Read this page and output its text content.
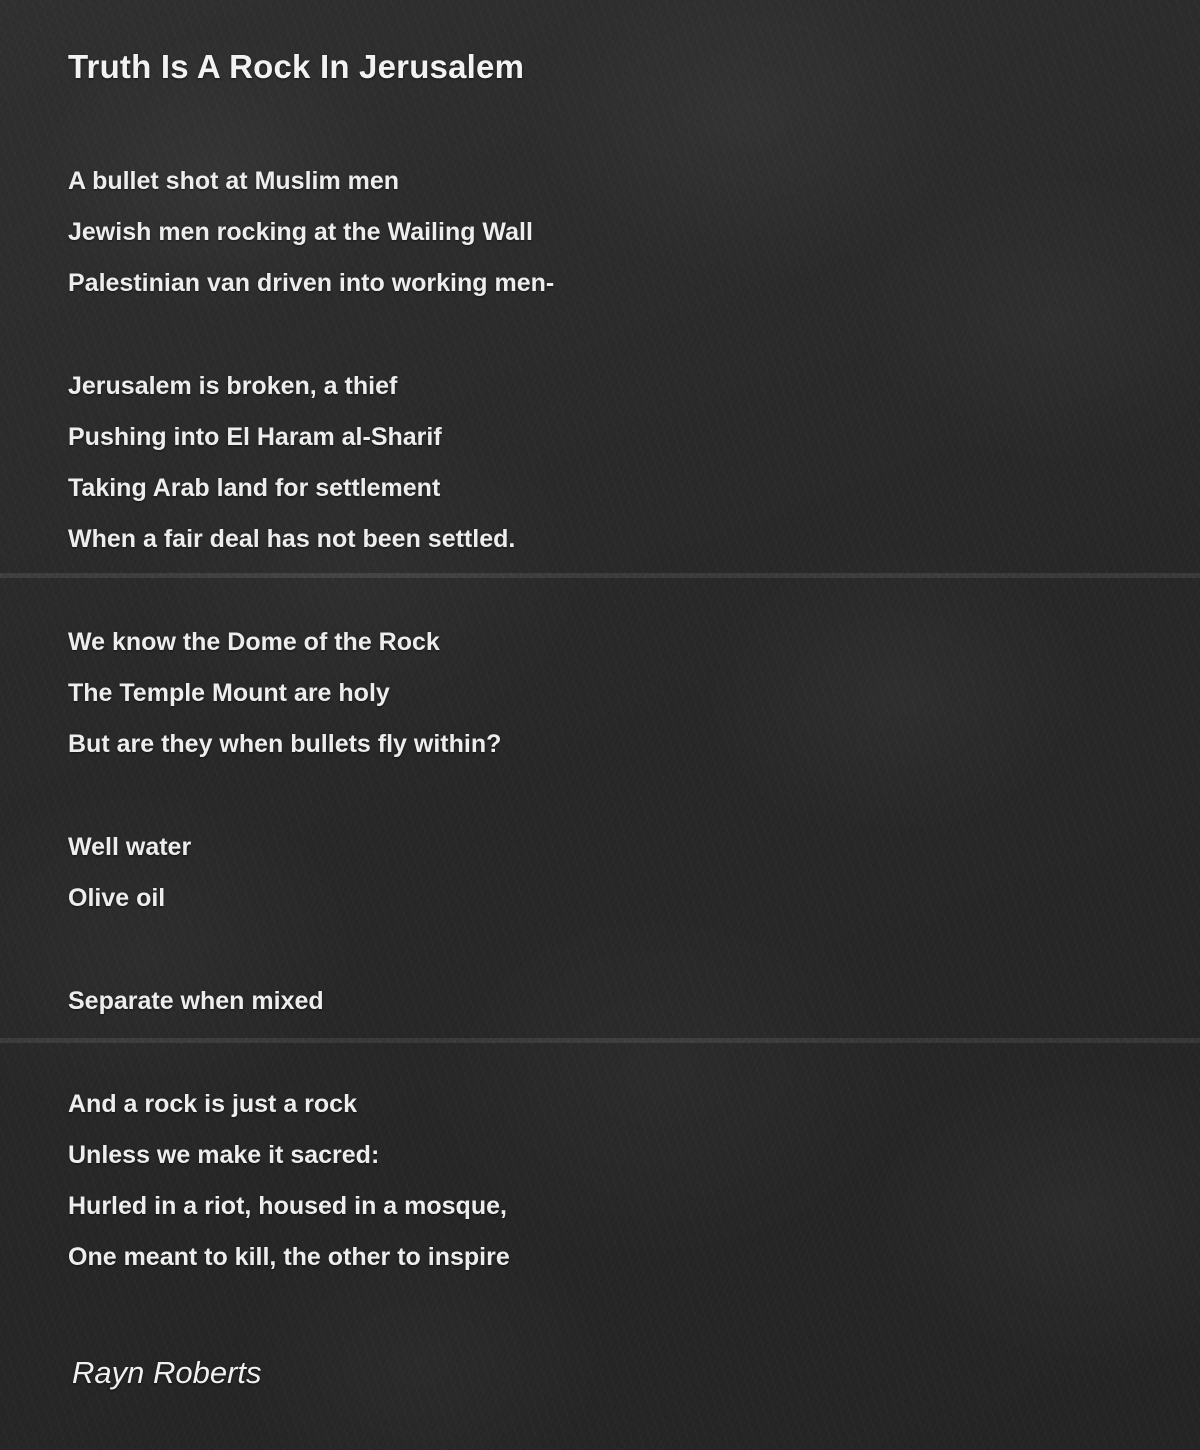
Truth Is A Rock In Jerusalem
A bullet shot at Muslim men
Jewish men rocking at the Wailing Wall
Palestinian van driven into working men-
Jerusalem is broken, a thief
Pushing into El Haram al-Sharif
Taking Arab land for settlement
When a fair deal has not been settled.
We know the Dome of the Rock
The Temple Mount are holy
But are they when bullets fly within?
Well water
Olive oil
Separate when mixed
And a rock is just a rock
Unless we make it sacred:
Hurled in a riot, housed in a mosque,
One meant to kill, the other to inspire
Rayn Roberts
